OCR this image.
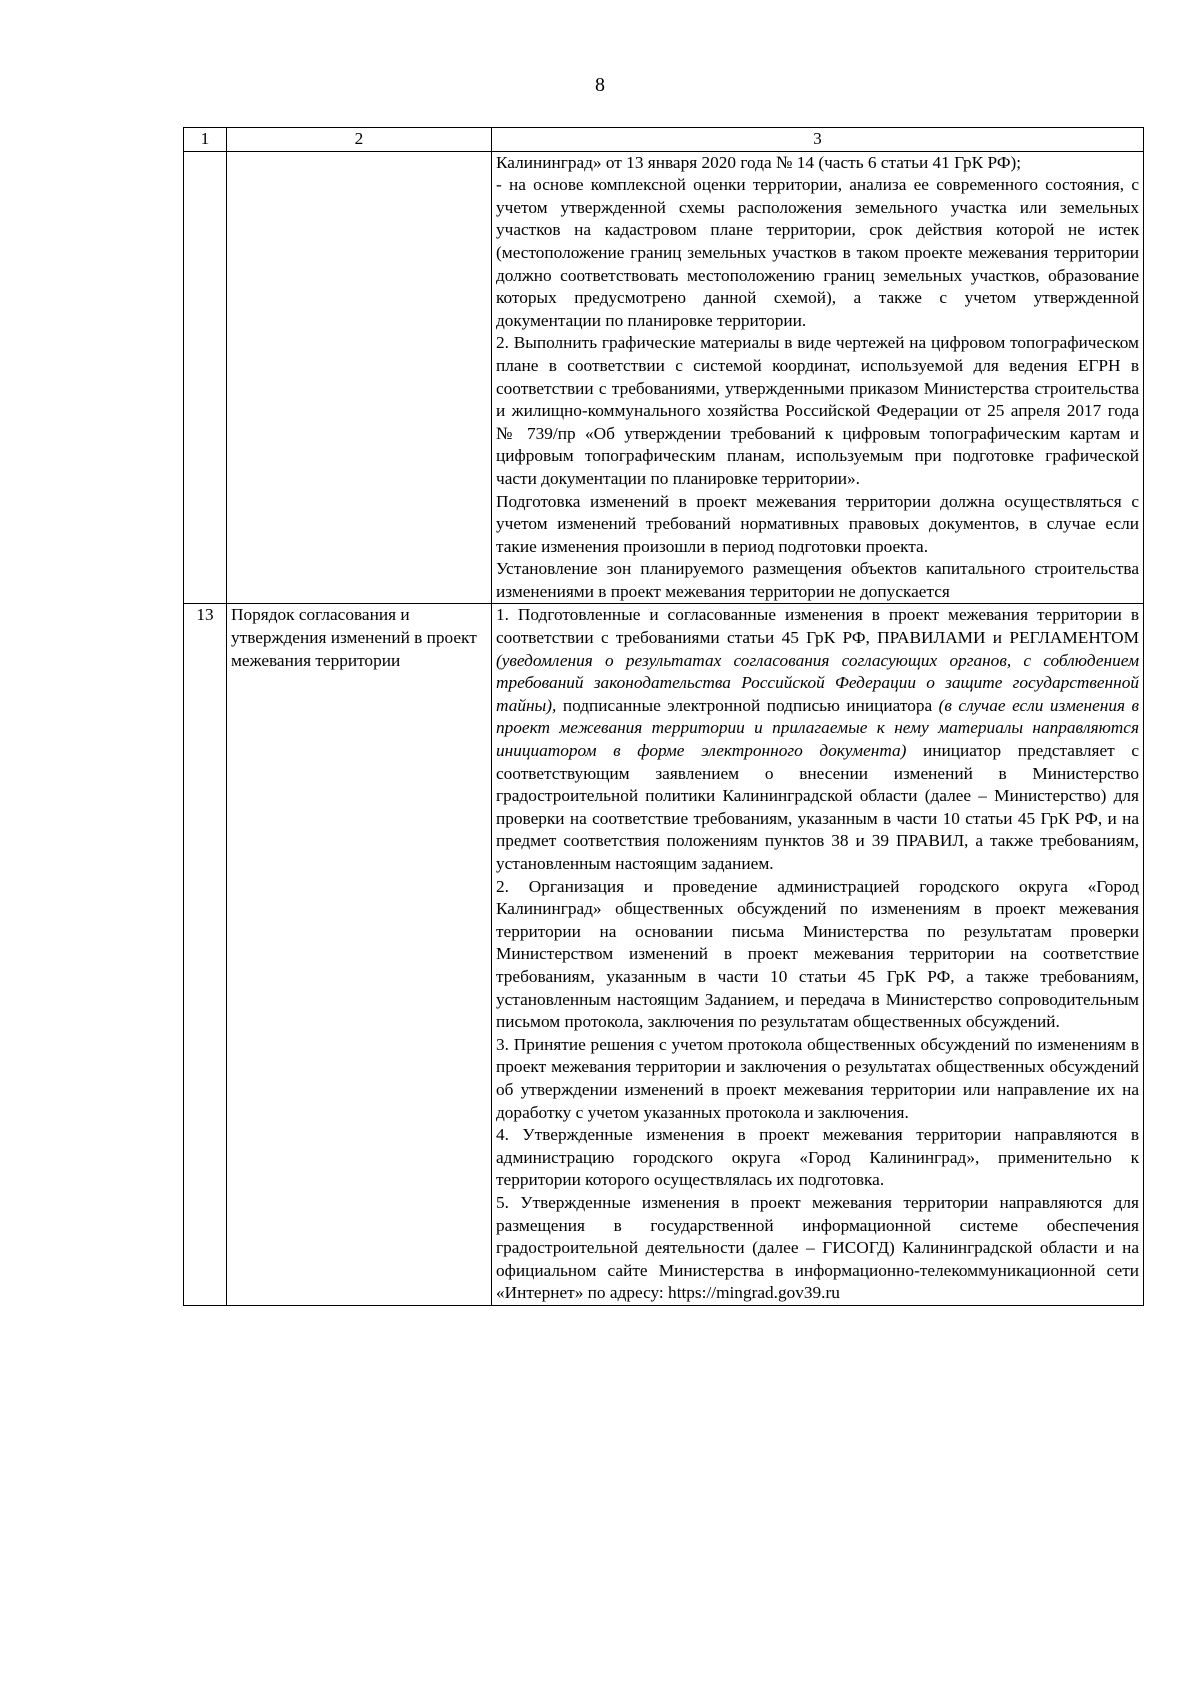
8
1	2	3

		Калининград» от 13 января 2020 года № 14 (часть 6 статьи 41 ГрК РФ);
- на основе комплексной оценки территории, анализа ее современного состояния, с учетом утвержденной схемы расположения земельного участка или земельных участков на кадастровом плане территории, срок действия которой не истек (местоположение границ земельных участков в таком проекте межевания территории должно соответствовать местоположению границ земельных участков, образование которых предусмотрено данной схемой), а также с учетом утвержденной документации по планировке территории.
2. Выполнить графические материалы в виде чертежей на цифровом топографическом плане в соответствии с системой координат, используемой для ведения ЕГРН в соответствии с требованиями, утвержденными приказом Министерства строительства и жилищно-коммунального хозяйства Российской Федерации от 25 апреля 2017 года № 739/пр «Об утверждении требований к цифровым топографическим картам и цифровым топографическим планам, используемым при подготовке графической части документации по планировке территории».
Подготовка изменений в проект межевания территории должна осуществляться с учетом изменений требований нормативных правовых документов, в случае если такие изменения произошли в период подготовки проекта.
Установление зон планируемого размещения объектов капитального строительства изменениями в проект межевания территории не допускается

13	Порядок согласования и утверждения изменений в проект межевания территории	1. Подготовленные и согласованные изменения в проект межевания территории в соответствии с требованиями статьи 45 ГрК РФ, ПРАВИЛАМИ и РЕГЛАМЕНТОМ (уведомления о результатах согласования согласующих органов, с соблюдением требований законодательства Российской Федерации о защите государственной тайны), подписанные электронной подписью инициатора (в случае если изменения в проект межевания территории и прилагаемые к нему материалы направляются инициатором в форме электронного документа) инициатор представляет с соответствующим заявлением о внесении изменений в Министерство градостроительной политики Калининградской области (далее – Министерство) для проверки на соответствие требованиям, указанным в части 10 статьи 45 ГрК РФ, и на предмет соответствия положениям пунктов 38 и 39 ПРАВИЛ, а также требованиям, установленным настоящим заданием.
2. Организация и проведение администрацией городского округа «Город Калининград» общественных обсуждений по изменениям в проект межевания территории на основании письма Министерства по результатам проверки Министерством изменений в проект межевания территории на соответствие требованиям, указанным в части 10 статьи 45 ГрК РФ, а также требованиям, установленным настоящим Заданием, и передача в Министерство сопроводительным письмом протокола, заключения по результатам общественных обсуждений.
3. Принятие решения с учетом протокола общественных обсуждений по изменениям в проект межевания территории и заключения о результатах общественных обсуждений об утверждении изменений в проект межевания территории или направление их на доработку с учетом указанных протокола и заключения.
4. Утвержденные изменения в проект межевания территории направляются в администрацию городского округа «Город Калининград», применительно к территории которого осуществлялась их подготовка.
5. Утвержденные изменения в проект межевания территории направляются для размещения в государственной информационной системе обеспечения градостроительной деятельности (далее – ГИСОГД) Калининградской области и на официальном сайте Министерства в информационно-телекоммуникационной сети «Интернет» по адресу: https://mingrad.gov39.ru
